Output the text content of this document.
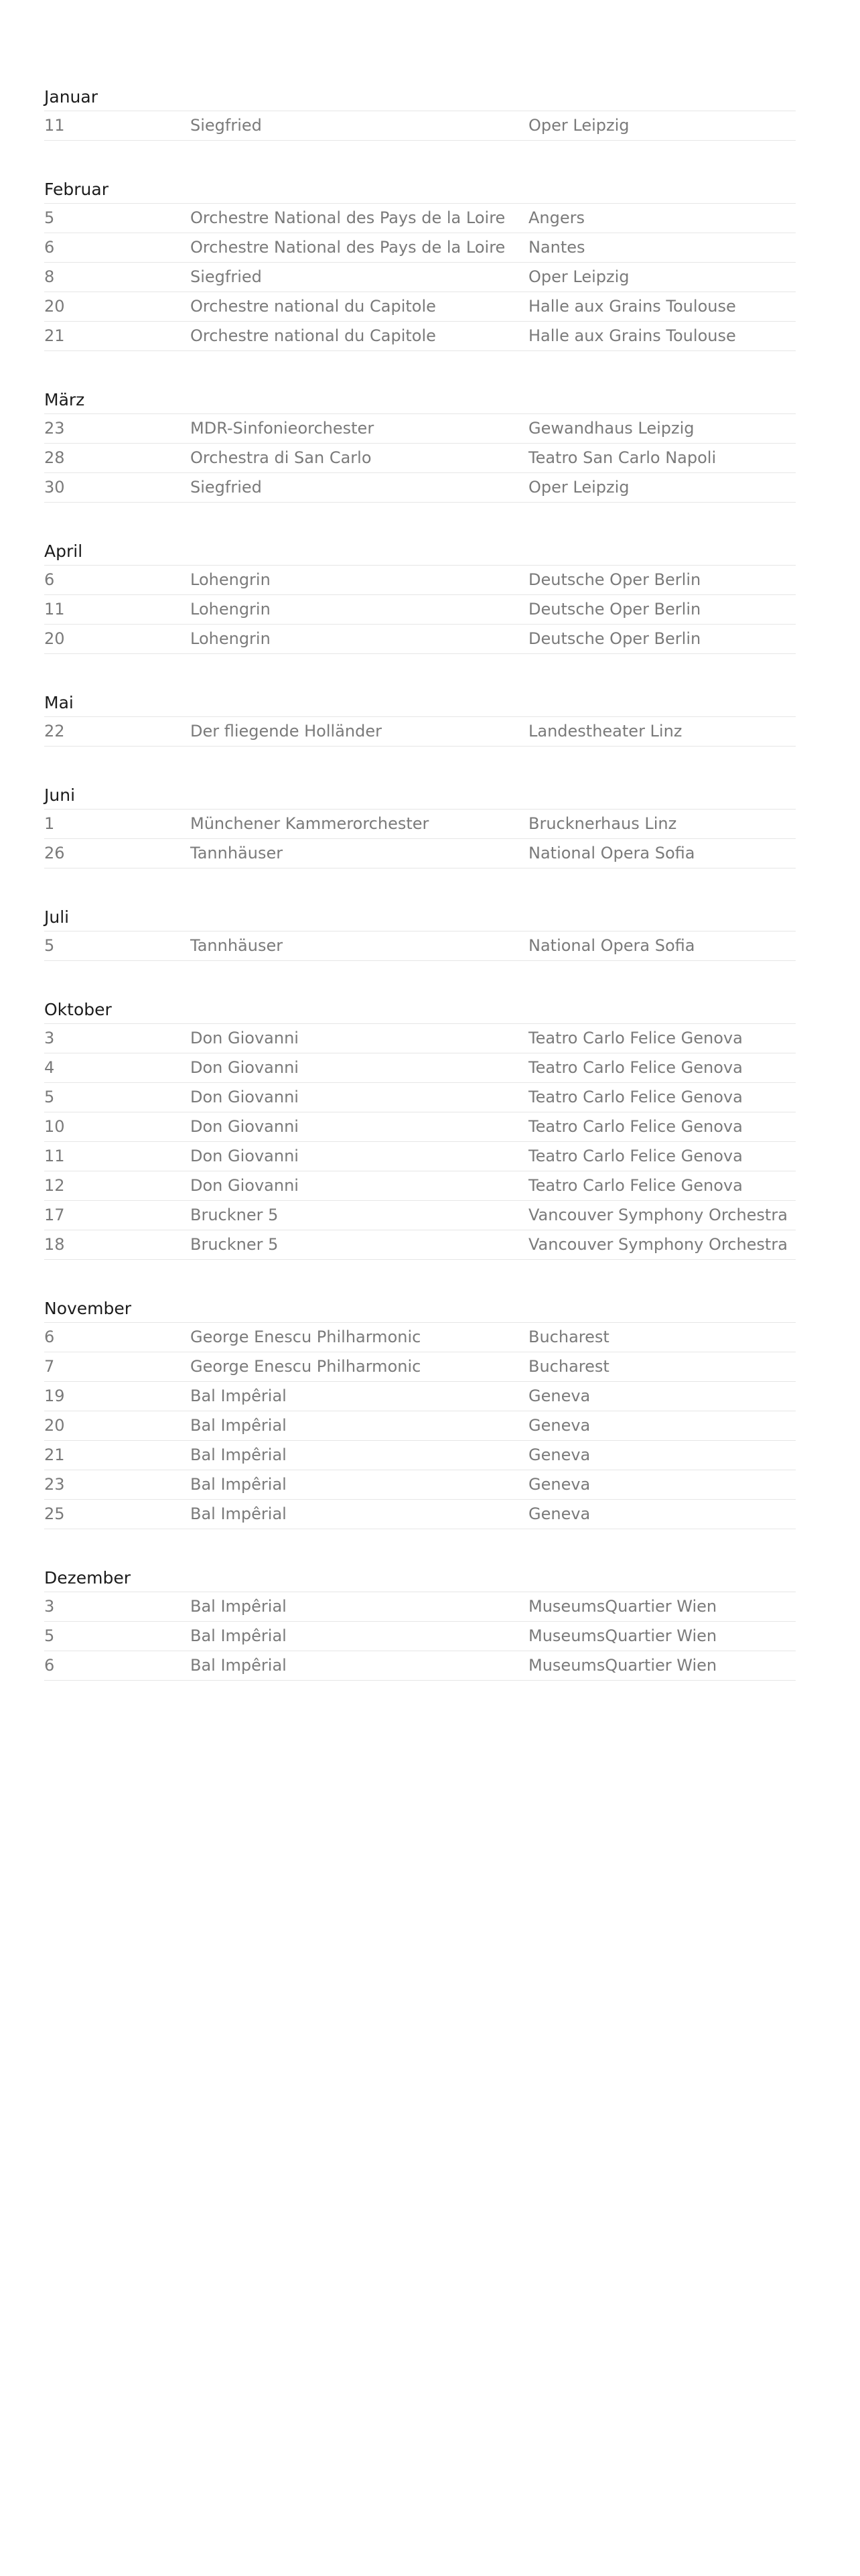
Januar
11	Siegfried	Oper Leipzig
Februar
5	Orchestre National des Pays de la Loire	Angers
6	Orchestre National des Pays de la Loire	Nantes
8	Siegfried	Oper Leipzig
20	Orchestre national du Capitole	Halle aux Grains Toulouse
21	Orchestre national du Capitole	Halle aux Grains Toulouse
März
23	MDR-Sinfonieorchester	Gewandhaus Leipzig
28	Orchestra di San Carlo	Teatro San Carlo Napoli
30	Siegfried	Oper Leipzig
April
6	Lohengrin	Deutsche Oper Berlin
11	Lohengrin	Deutsche Oper Berlin
20	Lohengrin	Deutsche Oper Berlin
Mai
22	Der fliegende Holländer	Landestheater Linz
Juni
1	Münchener Kammerorchester	Brucknerhaus Linz
26	Tannhäuser	National Opera Sofia
Juli
5	Tannhäuser	National Opera Sofia
Oktober
3	Don Giovanni	Teatro Carlo Felice Genova
4	Don Giovanni	Teatro Carlo Felice Genova
5	Don Giovanni	Teatro Carlo Felice Genova
10	Don Giovanni	Teatro Carlo Felice Genova
11	Don Giovanni	Teatro Carlo Felice Genova
12	Don Giovanni	Teatro Carlo Felice Genova
17	Bruckner 5	Vancouver Symphony Orchestra
18	Bruckner 5	Vancouver Symphony Orchestra
November
6	George Enescu Philharmonic	Bucharest
7	George Enescu Philharmonic	Bucharest
19	Bal Impêrial	Geneva
20	Bal Impêrial	Geneva
21	Bal Impêrial	Geneva
23	Bal Impêrial	Geneva
25	Bal Impêrial	Geneva
Dezember
3	Bal Impêrial	MuseumsQuartier Wien
5	Bal Impêrial	MuseumsQuartier Wien
6	Bal Impêrial	MuseumsQuartier Wien
